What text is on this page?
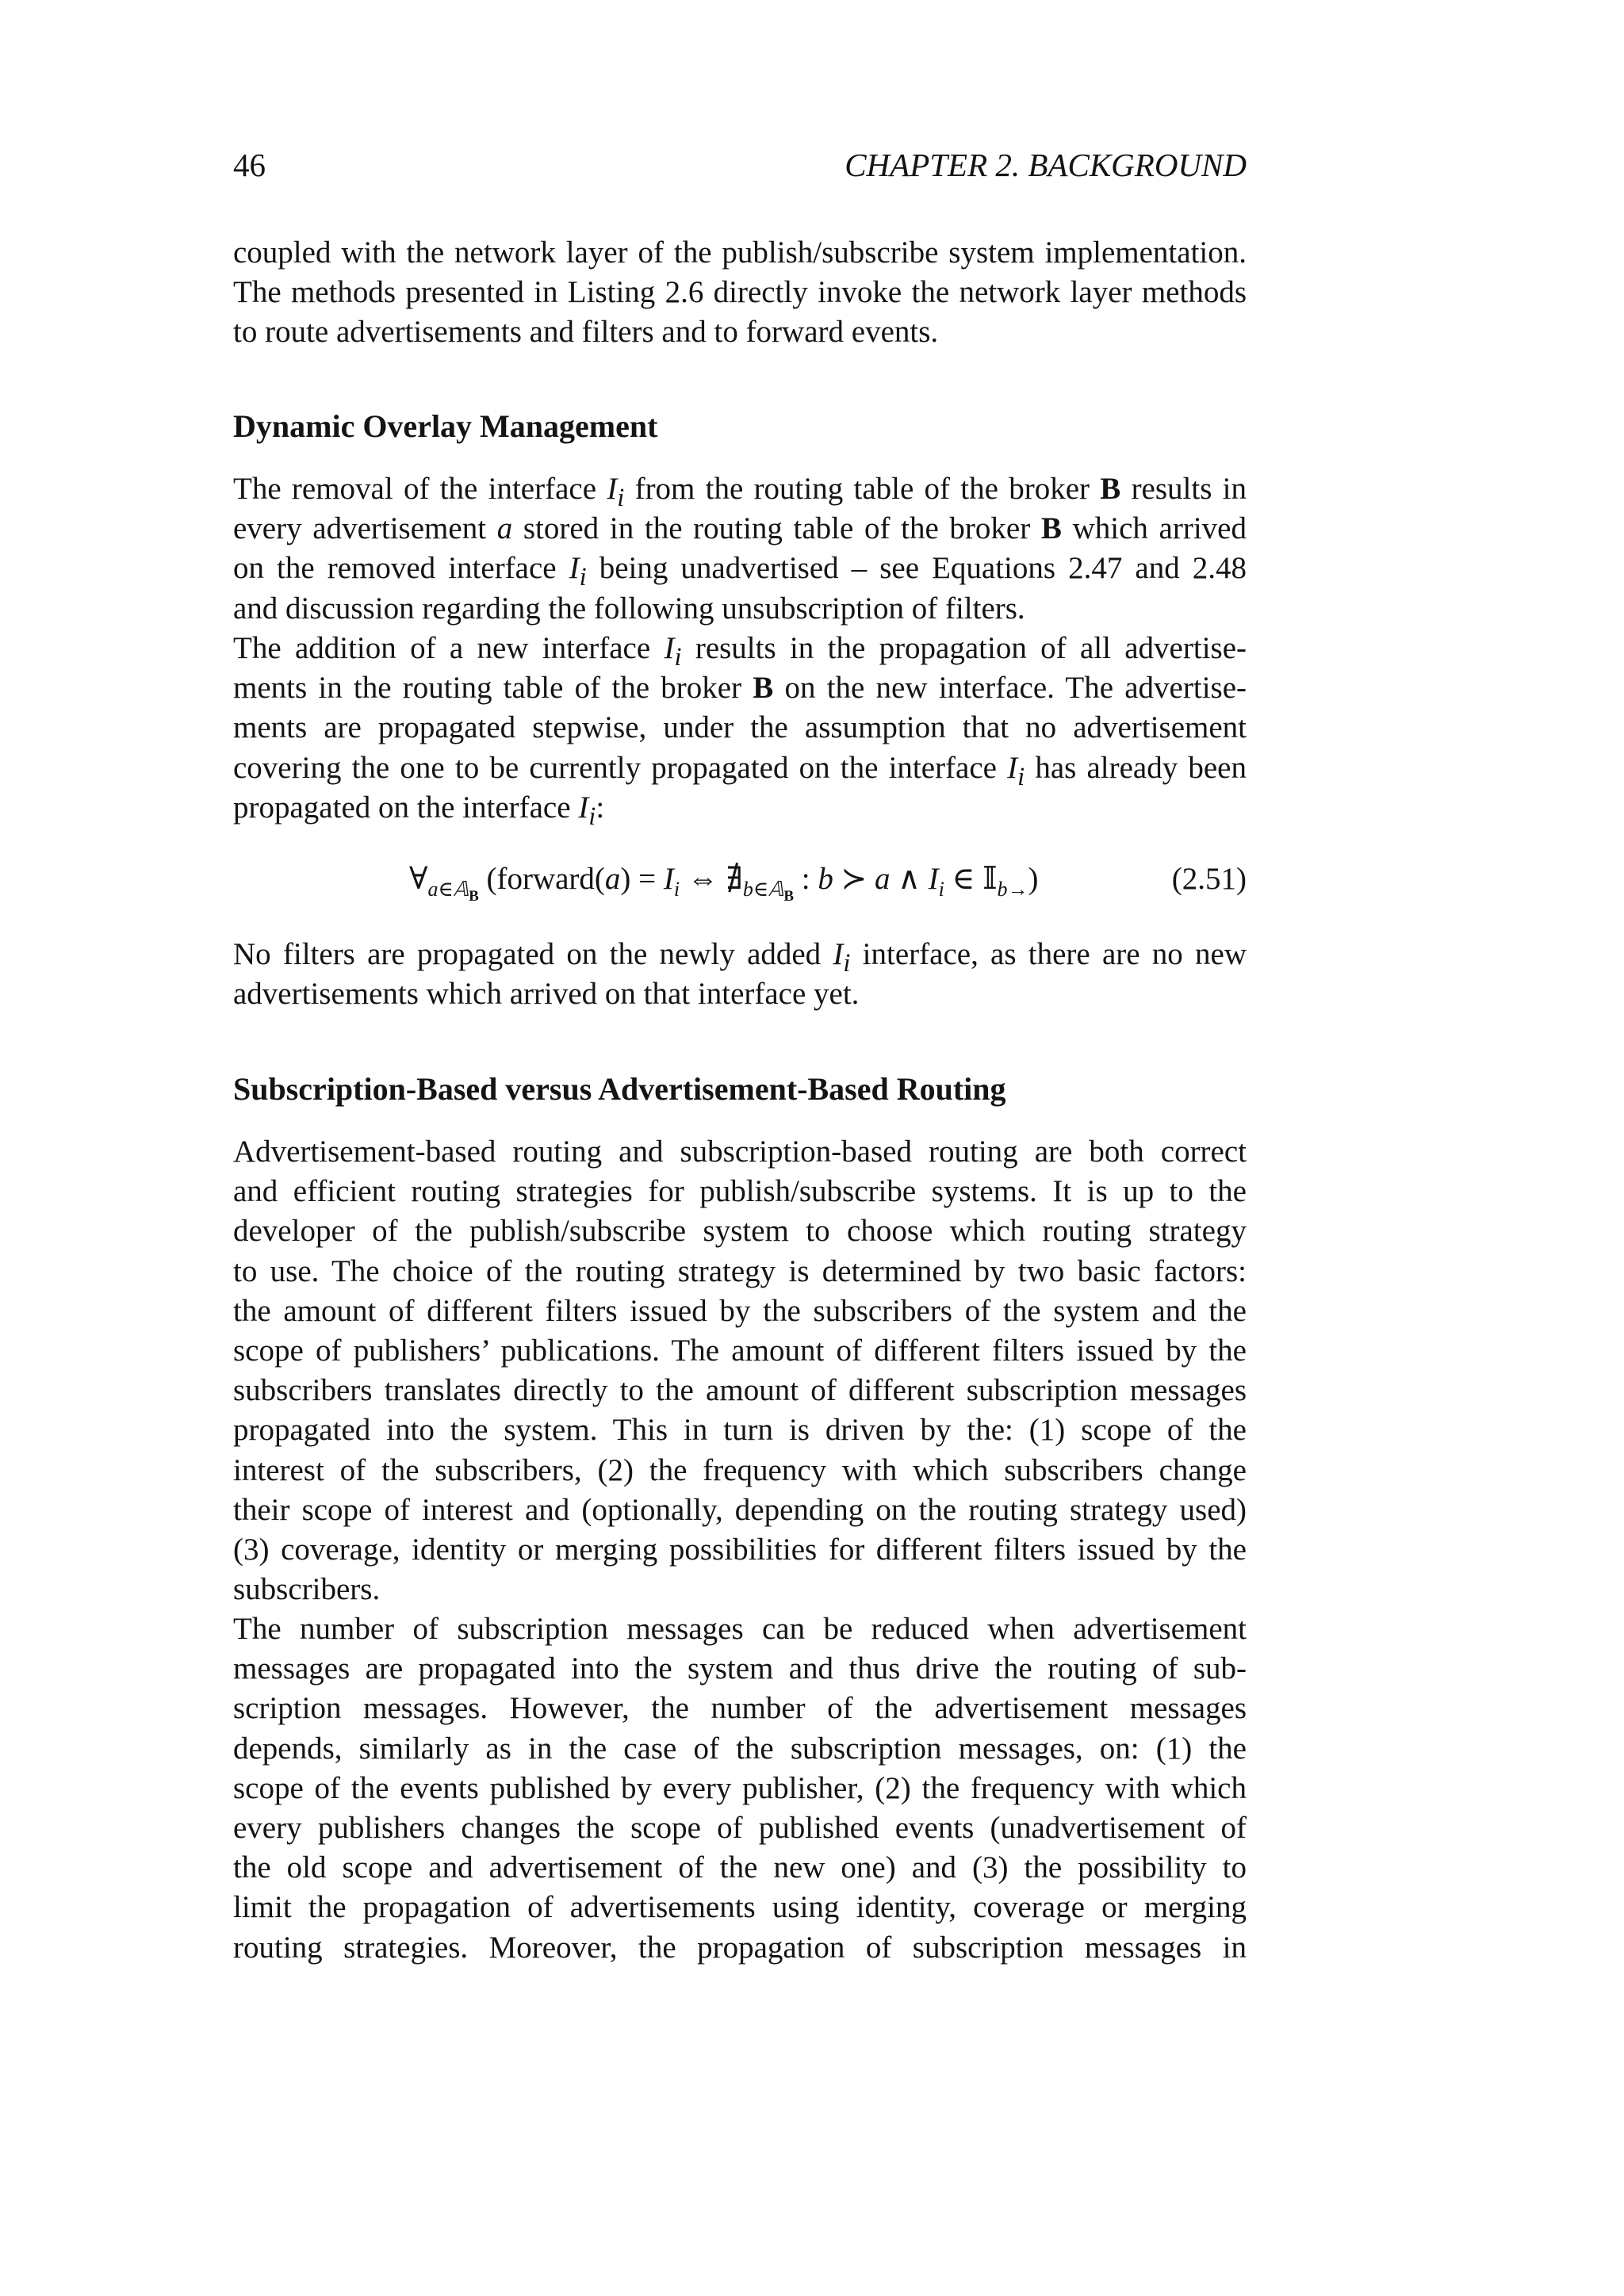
46	CHAPTER 2. BACKGROUND
coupled with the network layer of the publish/subscribe system implementation.
The methods presented in Listing 2.6 directly invoke the network layer methods
to route advertisements and filters and to forward events.
Dynamic Overlay Management
The removal of the interface $I_i$ from the routing table of the broker B results in
every advertisement a stored in the routing table of the broker B which arrived
on the removed interface $I_i$ being unadvertised – see Equations 2.47 and 2.48
and discussion regarding the following unsubscription of filters.
The addition of a new interface $I_i$ results in the propagation of all advertise-
ments in the routing table of the broker B on the new interface. The advertise-
ments are propagated stepwise, under the assumption that no advertisement
covering the one to be currently propagated on the interface $I_i$ has already been
propagated on the interface $I_i$:
$\forall_{a\in 𝔸_B}$ (forward(a) = $I_i$ ⇔ $∄_{b\in 𝔸_B}$ : b ≻ a ∧ $I_i$ ∈ 𝕀$_{b\to}$)	(2.51)
No filters are propagated on the newly added $I_i$ interface, as there are no new
advertisements which arrived on that interface yet.
Subscription-Based versus Advertisement-Based Routing
Advertisement-based routing and subscription-based routing are both correct
and efficient routing strategies for publish/subscribe systems. It is up to the
developer of the publish/subscribe system to choose which routing strategy
to use. The choice of the routing strategy is determined by two basic factors:
the amount of different filters issued by the subscribers of the system and the
scope of publishers’ publications. The amount of different filters issued by the
subscribers translates directly to the amount of different subscription messages
propagated into the system. This in turn is driven by the: (1) scope of the
interest of the subscribers, (2) the frequency with which subscribers change
their scope of interest and (optionally, depending on the routing strategy used)
(3) coverage, identity or merging possibilities for different filters issued by the
subscribers.
The number of subscription messages can be reduced when advertisement
messages are propagated into the system and thus drive the routing of sub-
scription messages. However, the number of the advertisement messages
depends, similarly as in the case of the subscription messages, on: (1) the
scope of the events published by every publisher, (2) the frequency with which
every publishers changes the scope of published events (unadvertisement of
the old scope and advertisement of the new one) and (3) the possibility to
limit the propagation of advertisements using identity, coverage or merging
routing strategies. Moreover, the propagation of subscription messages in
